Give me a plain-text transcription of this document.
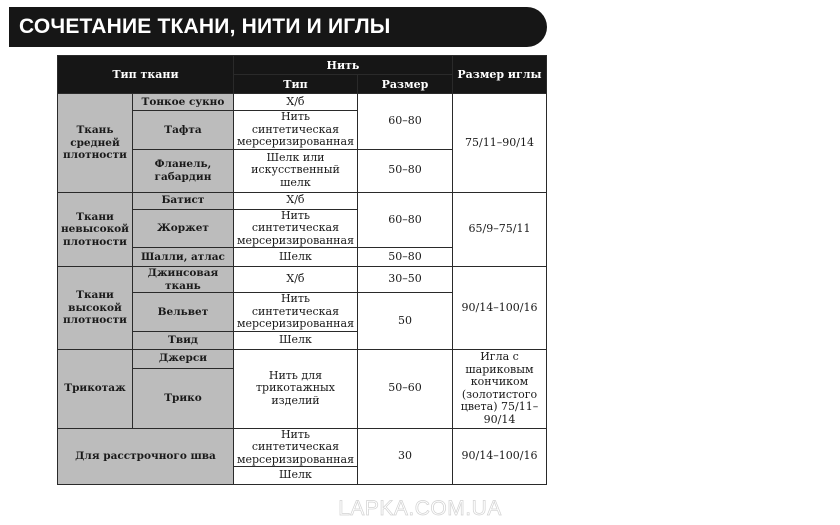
СОЧЕТАНИЕ ТКАНИ, НИТИ И ИГЛЫ
Тип ткани		Нить		Размер иглы
		Тип	Размер	
Ткань средней плотности	Тонкое сукно	Х/б	60–80	75/11–90/14
	Тафта	Нить синтетическая мерсеризированная		
	Фланель, габардин	Шелк или искусственный шелк	50–80	
Ткани невысокой плотности	Батист	Х/б	60–80	65/9–75/11
	Жоржет	Нить синтетическая мерсеризированная		
	Шалли, атлас	Шелк	50–80	
Ткани высокой плотности	Джинсовая ткань	Х/б	30–50	90/14–100/16
	Вельвет	Нить синтетическая мерсеризированная	50	
	Твид	Шелк		
Трикотаж	Джерси	Нить для трикотажных изделий	50–60	Игла с шариковым кончиком (золотистого цвета) 75/11–90/14
	Трико			
Для расстрочного шва		Нить синтетическая мерсеризированная	30	90/14–100/16
		Шелк		
LAPKA.COM.UA
